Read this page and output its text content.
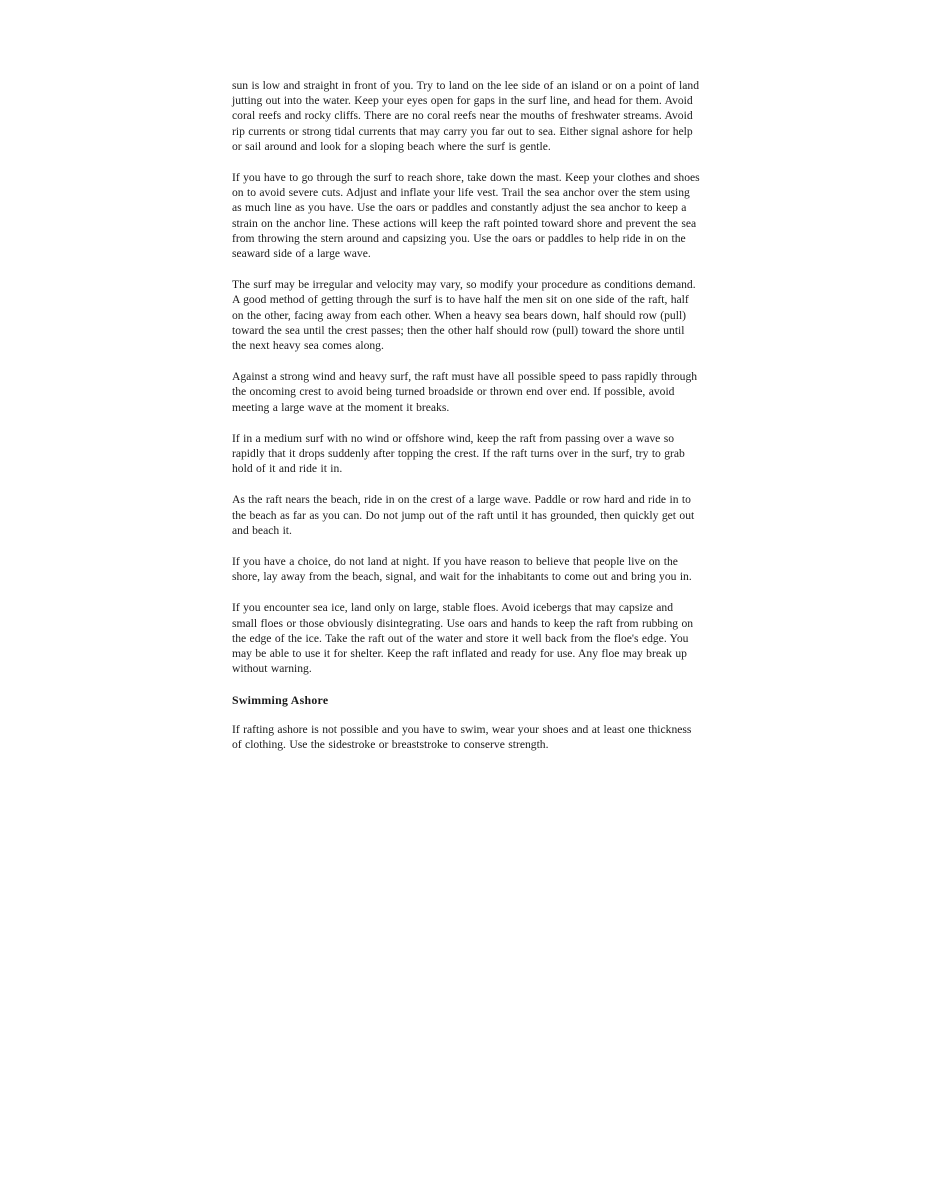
sun is low and straight in front of you. Try to land on the lee side of an island or on a point of land jutting out into the water. Keep your eyes open for gaps in the surf line, and head for them. Avoid coral reefs and rocky cliffs. There are no coral reefs near the mouths of freshwater streams. Avoid rip currents or strong tidal currents that may carry you far out to sea. Either signal ashore for help or sail around and look for a sloping beach where the surf is gentle.

If you have to go through the surf to reach shore, take down the mast. Keep your clothes and shoes on to avoid severe cuts. Adjust and inflate your life vest. Trail the sea anchor over the stem using as much line as you have. Use the oars or paddles and constantly adjust the sea anchor to keep a strain on the anchor line. These actions will keep the raft pointed toward shore and prevent the sea from throwing the stern around and capsizing you. Use the oars or paddles to help ride in on the seaward side of a large wave.

The surf may be irregular and velocity may vary, so modify your procedure as conditions demand. A good method of getting through the surf is to have half the men sit on one side of the raft, half on the other, facing away from each other. When a heavy sea bears down, half should row (pull) toward the sea until the crest passes; then the other half should row (pull) toward the shore until the next heavy sea comes along.

Against a strong wind and heavy surf, the raft must have all possible speed to pass rapidly through the oncoming crest to avoid being turned broadside or thrown end over end. If possible, avoid meeting a large wave at the moment it breaks.

If in a medium surf with no wind or offshore wind, keep the raft from passing over a wave so rapidly that it drops suddenly after topping the crest. If the raft turns over in the surf, try to grab hold of it and ride it in.

As the raft nears the beach, ride in on the crest of a large wave. Paddle or row hard and ride in to the beach as far as you can. Do not jump out of the raft until it has grounded, then quickly get out and beach it.

If you have a choice, do not land at night. If you have reason to believe that people live on the shore, lay away from the beach, signal, and wait for the inhabitants to come out and bring you in.

If you encounter sea ice, land only on large, stable floes. Avoid icebergs that may capsize and small floes or those obviously disintegrating. Use oars and hands to keep the raft from rubbing on the edge of the ice. Take the raft out of the water and store it well back from the floe's edge. You may be able to use it for shelter. Keep the raft inflated and ready for use. Any floe may break up without warning.

Swimming Ashore

If rafting ashore is not possible and you have to swim, wear your shoes and at least one thickness of clothing. Use the sidestroke or breaststroke to conserve strength.
